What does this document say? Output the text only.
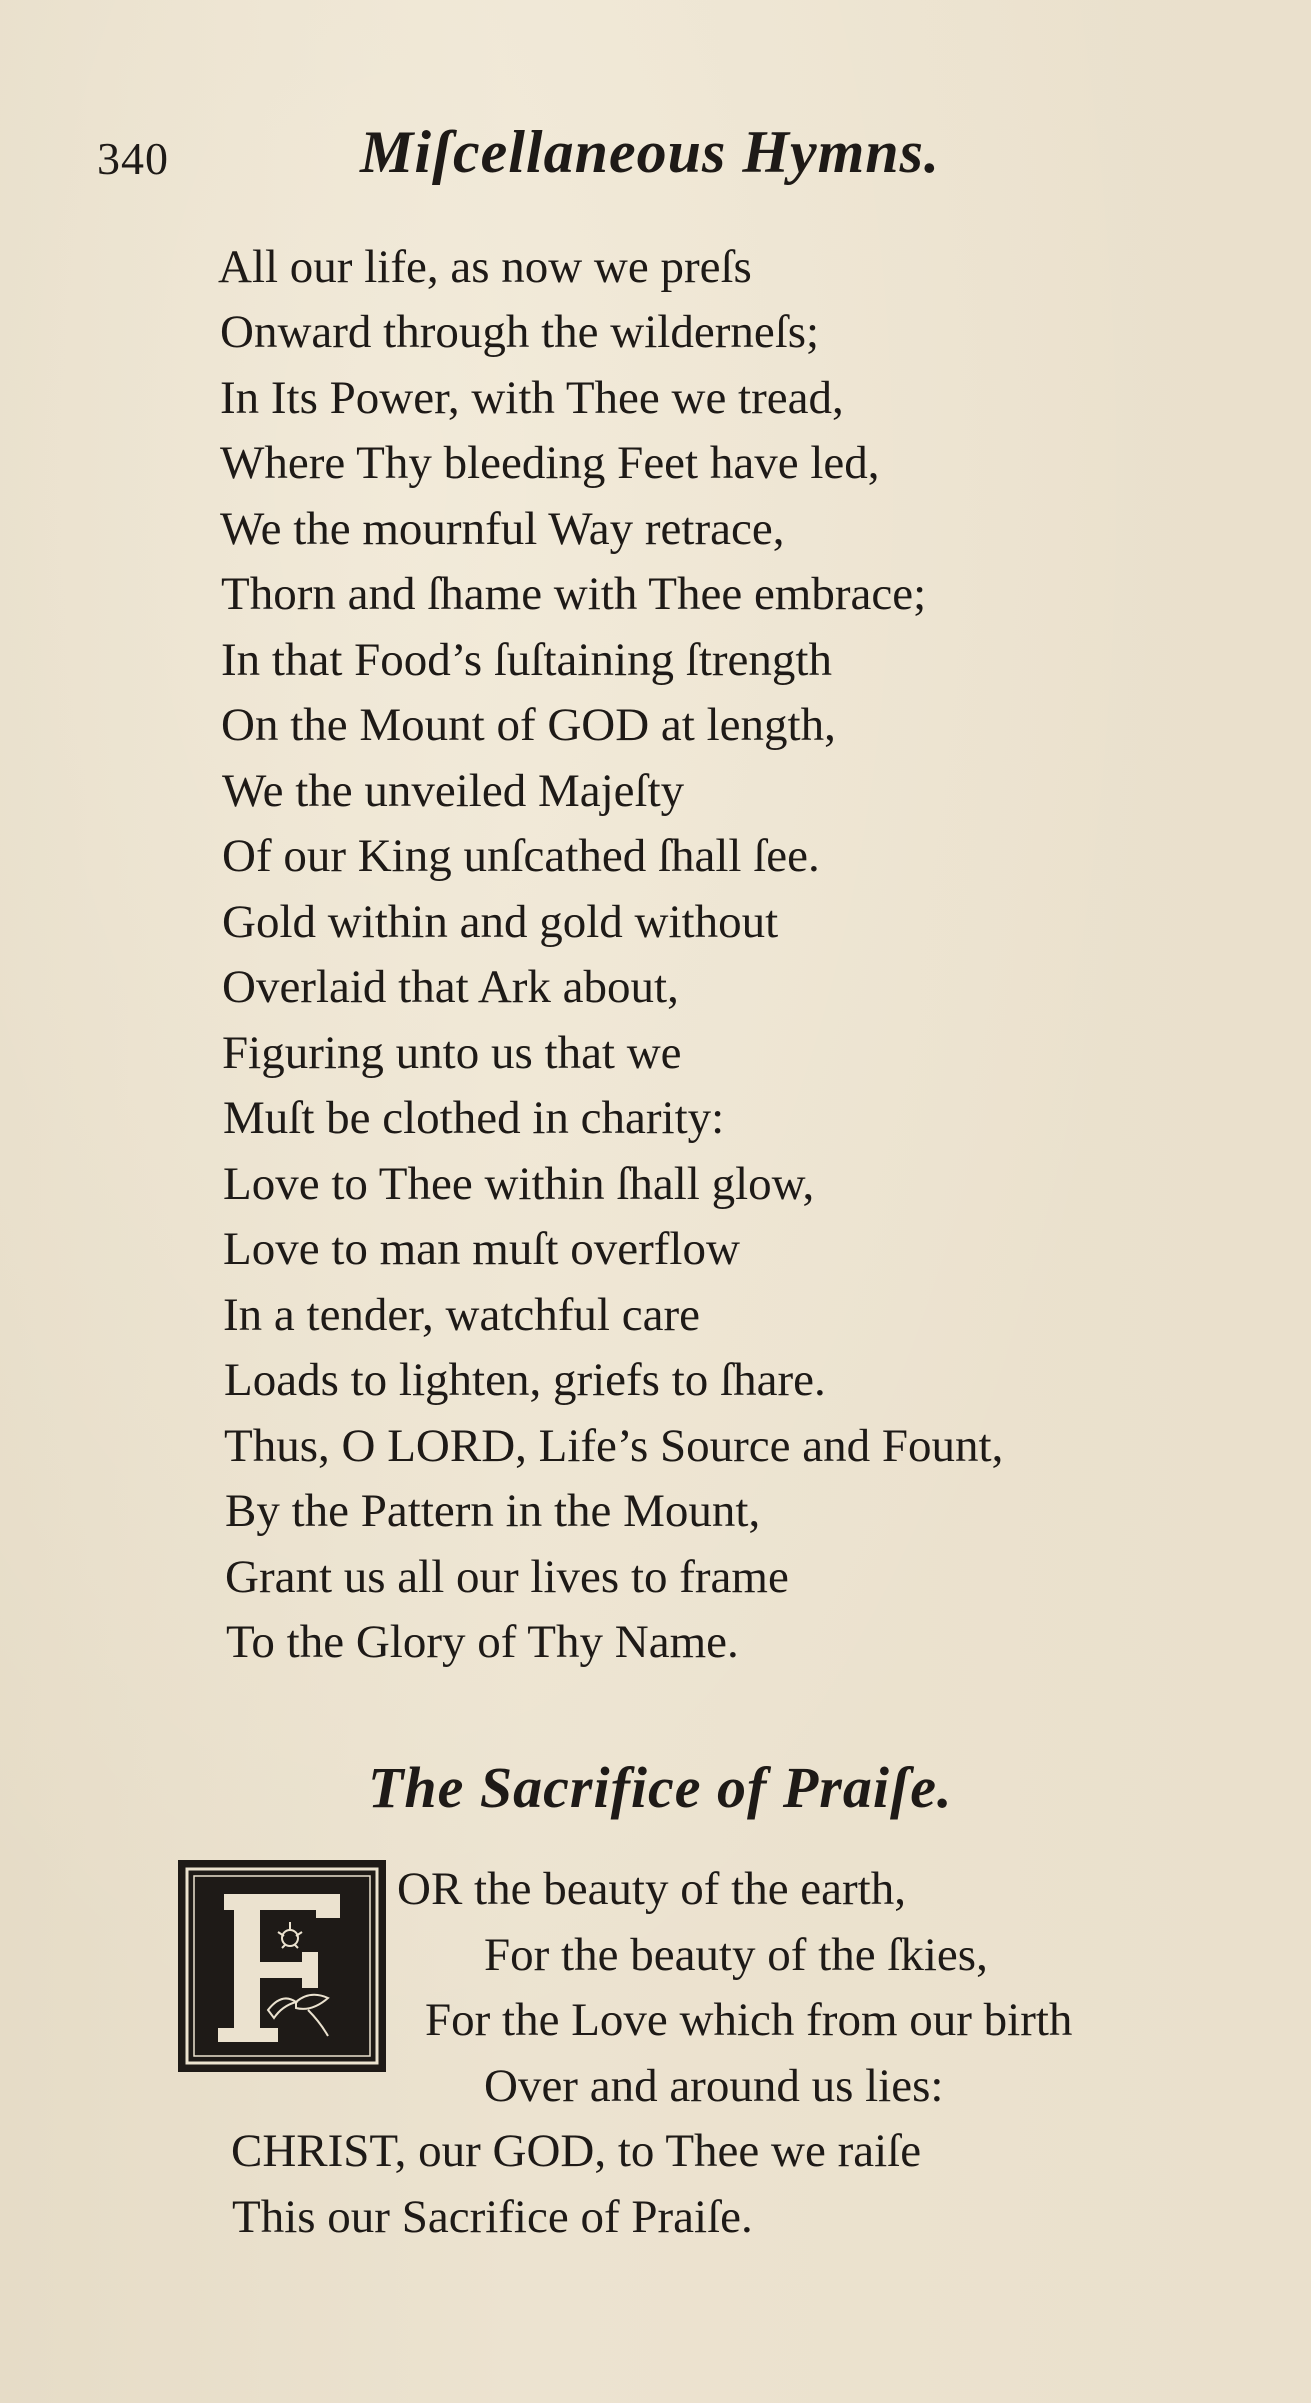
340	Miſcellaneous Hymns.
All our life, as now we preſs
Onward through the wilderneſs;
In Its Power, with Thee we tread,
Where Thy bleeding Feet have led,
We the mournful Way retrace,
Thorn and ſhame with Thee embrace;
In that Food’s ſuſtaining ſtrength
On the Mount of GOD at length,
We the unveiled Majeſty
Of our King unſcathed ſhall ſee.
Gold within and gold without
Overlaid that Ark about,
Figuring unto us that we
Muſt be clothed in charity:
Love to Thee within ſhall glow,
Love to man muſt overflow
In a tender, watchful care
Loads to lighten, griefs to ſhare.
Thus, O LORD, Life’s Source and Fount,
By the Pattern in the Mount,
Grant us all our lives to frame
To the Glory of Thy Name.
The Sacrifice of Praiſe.
OR the beauty of the earth,
For the beauty of the ſkies,
For the Love which from our birth
Over and around us lies:
CHRIST, our GOD, to Thee we raiſe
This our Sacrifice of Praiſe.
